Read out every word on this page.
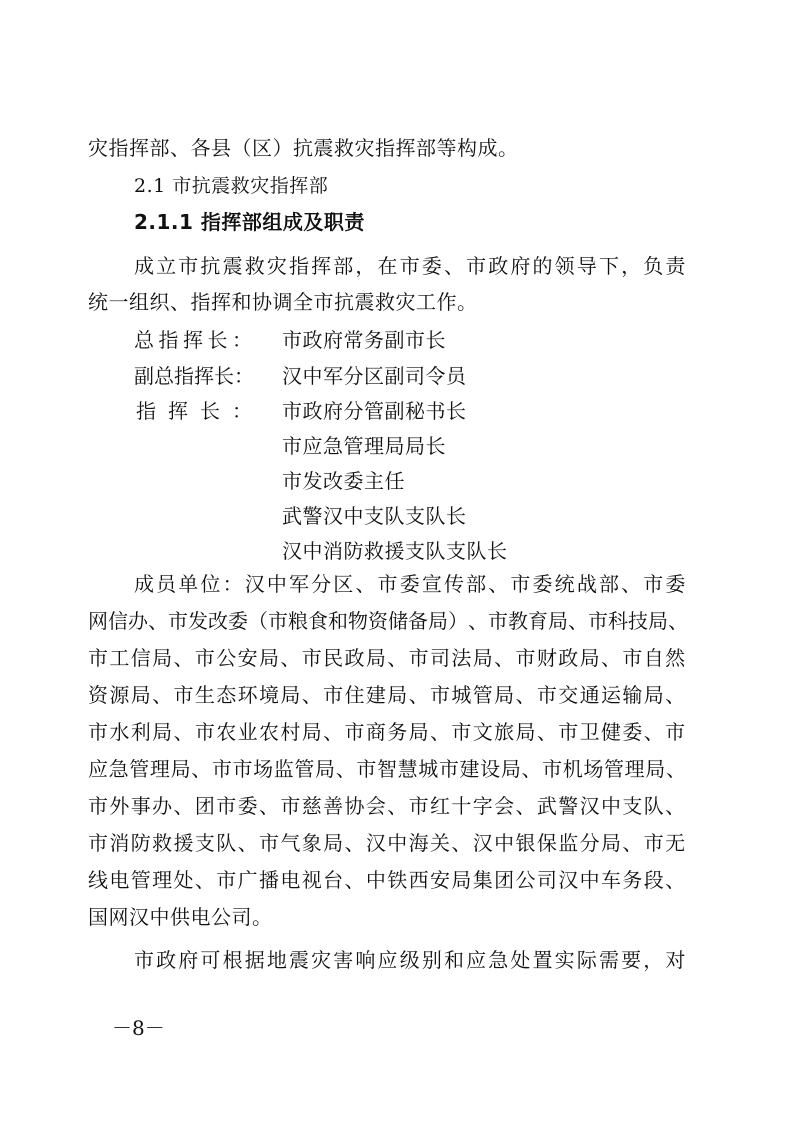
灾指挥部、各县（区）抗震救灾指挥部等构成。
2.1 市抗震救灾指挥部
2.1.1 指挥部组成及职责
成 立 市 抗 震 救 灾 指 挥 部 ， 在 市 委 、 市 政 府 的 领 导 下 ， 负 责
统一组织、指挥和协调全市抗震救灾工作。
总 指 挥 长 ： 市政府常务副市长
副总指挥长： 汉中军分区副司令员
指 挥 长 ： 市政府分管副秘书长
市应急管理局局长
市发改委主任
武警汉中支队支队长
汉中消防救援支队支队长
成 员 单 位 ： 汉 中 军 分 区 、 市 委 宣 传 部 、 市 委 统 战 部 、 市 委
网 信 办 、 市 发 改 委 （ 市 粮 食 和 物 资 储 备 局 ） 、 市 教 育 局 、 市 科 技 局 、
市 工 信 局 、 市 公 安 局 、 市 民 政 局 、 市 司 法 局 、 市 财 政 局 、 市 自 然
资 源 局 、 市 生 态 环 境 局 、 市 住 建 局 、 市 城 管 局 、 市 交 通 运 输 局 、
市 水 利 局 、 市 农 业 农 村 局 、 市 商 务 局 、 市 文 旅 局 、 市 卫 健 委 、 市
应 急 管 理 局 、 市 市 场 监 管 局 、 市 智 慧 城 市 建 设 局 、 市 机 场 管 理 局 、
市 外 事 办 、 团 市 委 、 市 慈 善 协 会 、 市 红 十 字 会 、 武 警 汉 中 支 队 、
市 消 防 救 援 支 队 、 市 气 象 局 、 汉 中 海 关 、 汉 中 银 保 监 分 局 、 市 无
线 电 管 理 处 、 市 广 播 电 视 台 、 中 铁 西 安 局 集 团 公 司 汉 中 车 务 段 、
国网汉中供电公司。
市 政 府 可 根 据 地 震 灾 害 响 应 级 别 和 应 急 处 置 实 际 需 要 ， 对
－8－
